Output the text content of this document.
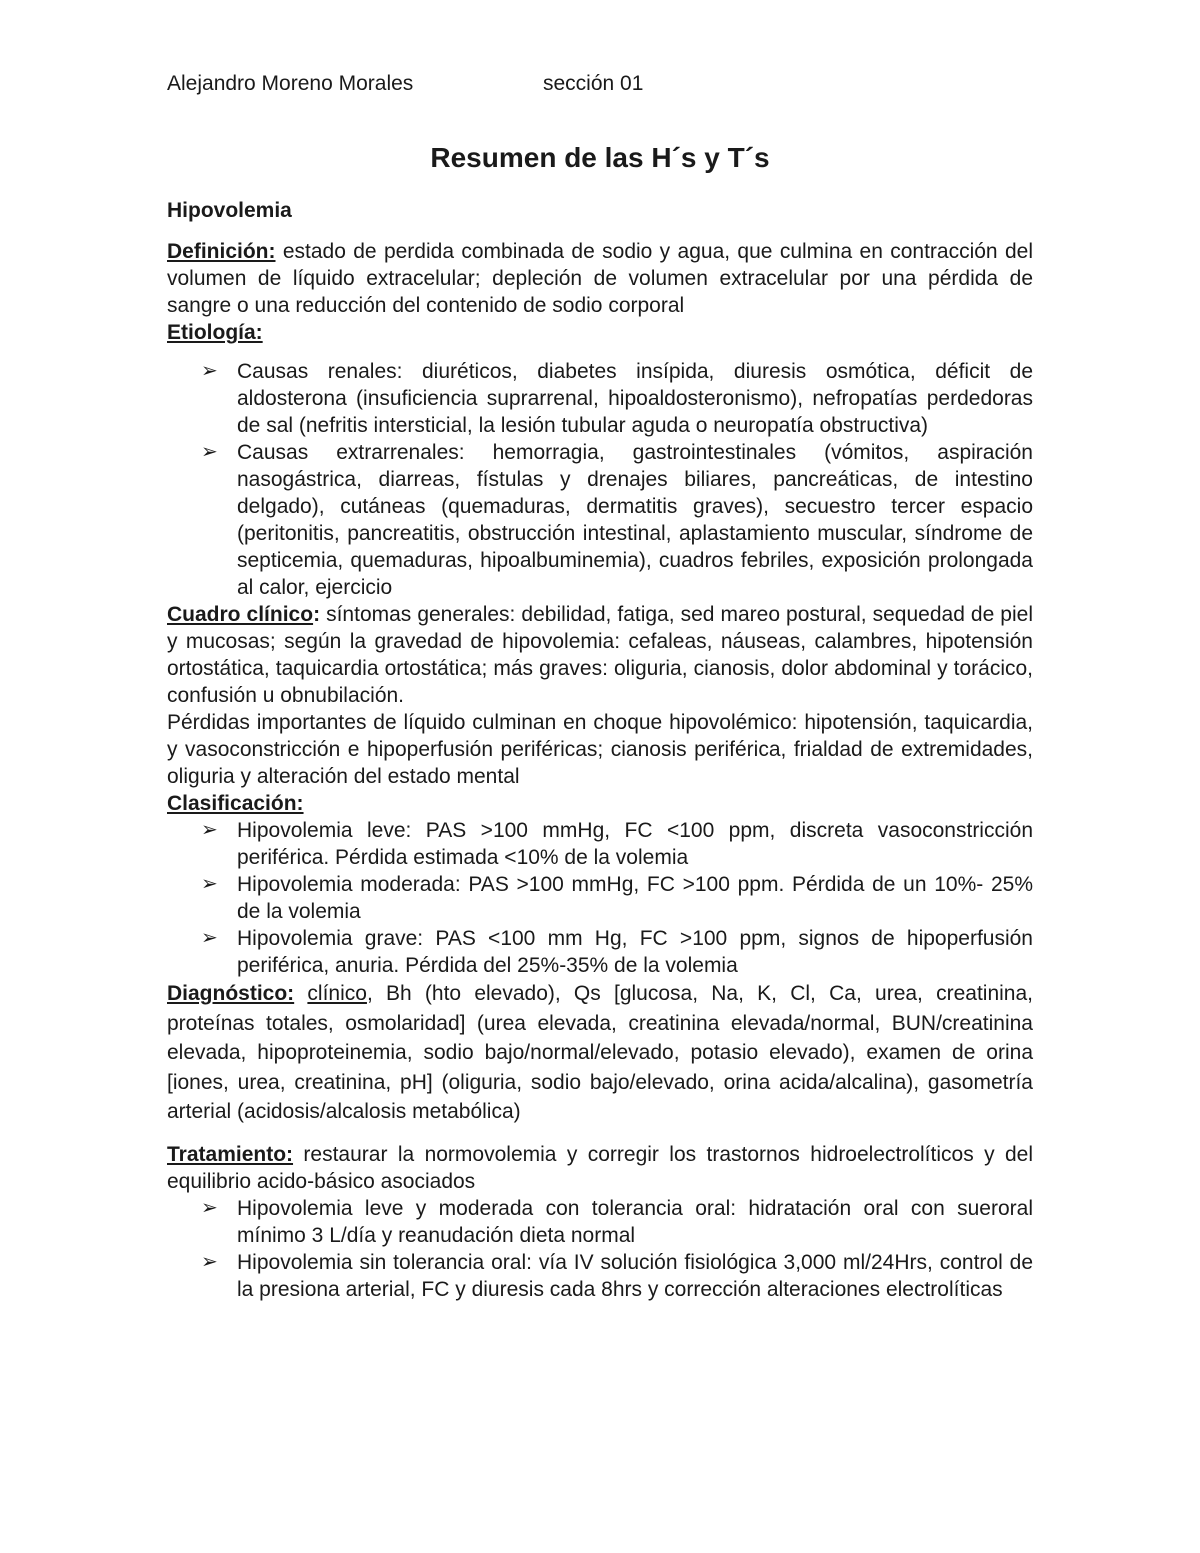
Alejandro Moreno Morales	sección 01
Resumen de las H´s y T´s

Hipovolemia

Definición: estado de perdida combinada de sodio y agua, que culmina en contracción del volumen de líquido extracelular; depleción de volumen extracelular por una pérdida de sangre o una reducción del contenido de sodio corporal

Etiología:

➢ Causas renales: diuréticos, diabetes insípida, diuresis osmótica, déficit de aldosterona (insuficiencia suprarrenal, hipoaldosteronismo), nefropatías perdedoras de sal (nefritis intersticial, la lesión tubular aguda o neuropatía obstructiva)
➢ Causas extrarrenales: hemorragia, gastrointestinales (vómitos, aspiración nasogástrica, diarreas, fístulas y drenajes biliares, pancreáticas, de intestino delgado), cutáneas (quemaduras, dermatitis graves), secuestro tercer espacio (peritonitis, pancreatitis, obstrucción intestinal, aplastamiento muscular, síndrome de septicemia, quemaduras, hipoalbuminemia), cuadros febriles, exposición prolongada al calor, ejercicio

Cuadro clínico: síntomas generales: debilidad, fatiga, sed mareo postural, sequedad de piel y mucosas; según la gravedad de hipovolemia: cefaleas, náuseas, calambres, hipotensión ortostática, taquicardia ortostática; más graves: oliguria, cianosis, dolor abdominal y torácico, confusión u obnubilación.

Pérdidas importantes de líquido culminan en choque hipovolémico: hipotensión, taquicardia, y vasoconstricción e hipoperfusión periféricas; cianosis periférica, frialdad de extremidades, oliguria y alteración del estado mental

Clasificación:

➢ Hipovolemia leve: PAS >100 mmHg, FC <100 ppm, discreta vasoconstricción periférica. Pérdida estimada <10% de la volemia
➢ Hipovolemia moderada: PAS >100 mmHg, FC >100 ppm. Pérdida de un 10%- 25% de la volemia
➢ Hipovolemia grave: PAS <100 mm Hg, FC >100 ppm, signos de hipoperfusión periférica, anuria. Pérdida del 25%-35% de la volemia

Diagnóstico: clínico, Bh (hto elevado), Qs [glucosa, Na, K, Cl, Ca, urea, creatinina, proteínas totales, osmolaridad] (urea elevada, creatinina elevada/normal, BUN/creatinina elevada, hipoproteinemia, sodio bajo/normal/elevado, potasio elevado), examen de orina [iones, urea, creatinina, pH] (oliguria, sodio bajo/elevado, orina acida/alcalina), gasometría arterial (acidosis/alcalosis metabólica)

Tratamiento: restaurar la normovolemia y corregir los trastornos hidroelectrolíticos y del equilibrio acido-básico asociados

➢ Hipovolemia leve y moderada con tolerancia oral: hidratación oral con sueroral mínimo 3 L/día y reanudación dieta normal
➢ Hipovolemia sin tolerancia oral: vía IV solución fisiológica 3,000 ml/24Hrs, control de la presiona arterial, FC y diuresis cada 8hrs y corrección alteraciones electrolíticas
